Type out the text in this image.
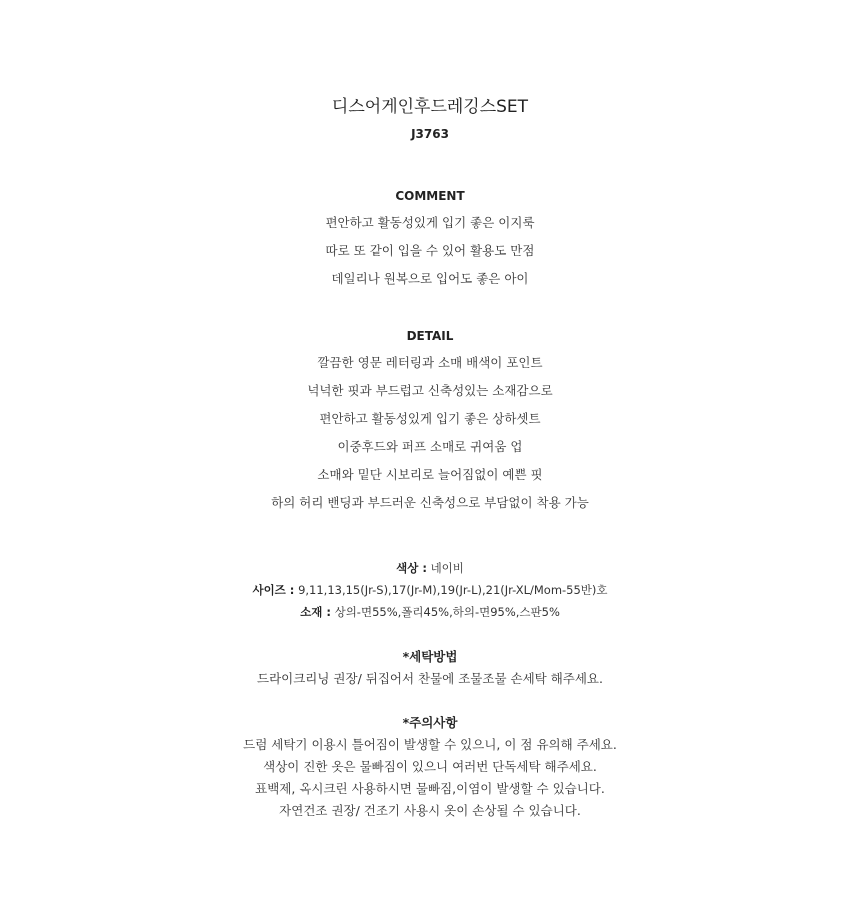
디스어게인후드레깅스SET
J3763
COMMENT
편안하고 활동성있게 입기 좋은 이지룩
따로 또 같이 입을 수 있어 활용도 만점
데일리나 원복으로 입어도 좋은 아이
DETAIL
깔끔한 영문 레터링과 소매 배색이 포인트
넉넉한 핏과 부드럽고 신축성있는 소재감으로
편안하고 활동성있게 입기 좋은 상하셋트
이중후드와 퍼프 소매로 귀여움 업
소매와 밑단 시보리로 늘어짐없이 예쁜 핏
하의 허리 밴딩과 부드러운 신축성으로 부담없이 착용 가능
색상 : 네이비
사이즈 : 9,11,13,15(Jr-S),17(Jr-M),19(Jr-L),21(Jr-XL/Mom-55반)호
소재 : 상의-면55%,폴리45%,하의-면95%,스판5%
*세탁방법
드라이크리닝 권장/ 뒤집어서 찬물에 조물조물 손세탁 해주세요.
*주의사항
드럼 세탁기 이용시 틀어짐이 발생할 수 있으니, 이 점 유의해 주세요.
색상이 진한 옷은 물빠짐이 있으니 여러번 단독세탁 해주세요.
표백제, 옥시크린 사용하시면 물빠짐,이염이 발생할 수 있습니다.
자연건조 권장/ 건조기 사용시 옷이 손상될 수 있습니다.
